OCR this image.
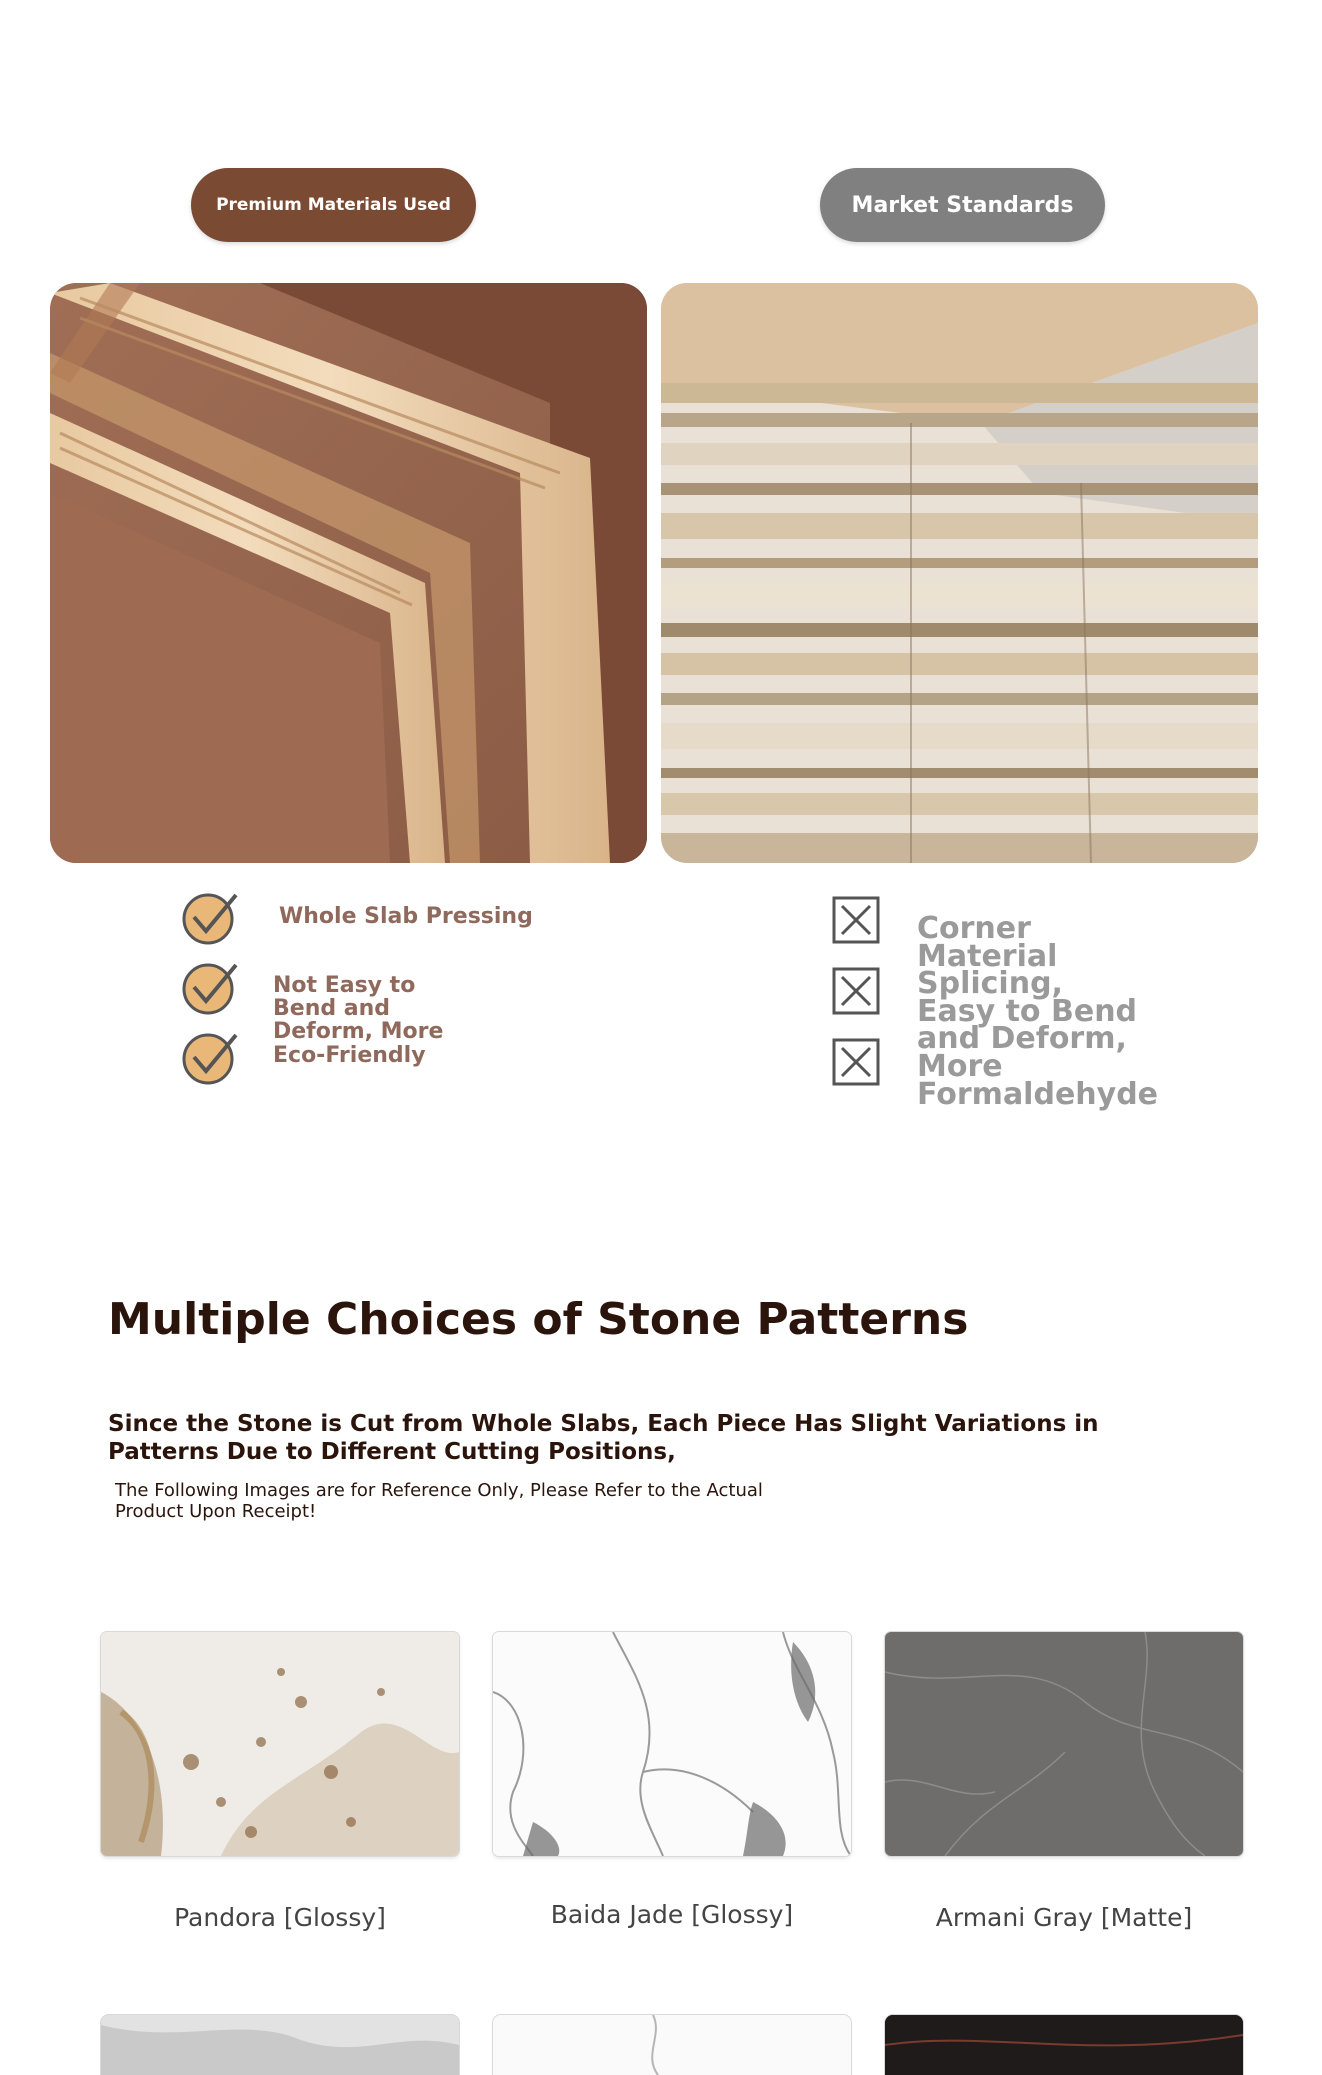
Premium Materials Used	Market Standards
Whole Slab Pressing
Not Easy to Bend and Deform, More
Eco-Friendly
Corner Material Splicing, Easy to Bend and Deform, More Formaldehyde
Multiple Choices of Stone Patterns
Since the Stone is Cut from Whole Slabs, Each Piece Has Slight Variations in Patterns Due to Different Cutting Positions,
The Following Images are for Reference Only, Please Refer to the Actual Product Upon Receipt!
Pandora [Glossy]	Baida Jade [Glossy]	Armani Gray [Matte]
